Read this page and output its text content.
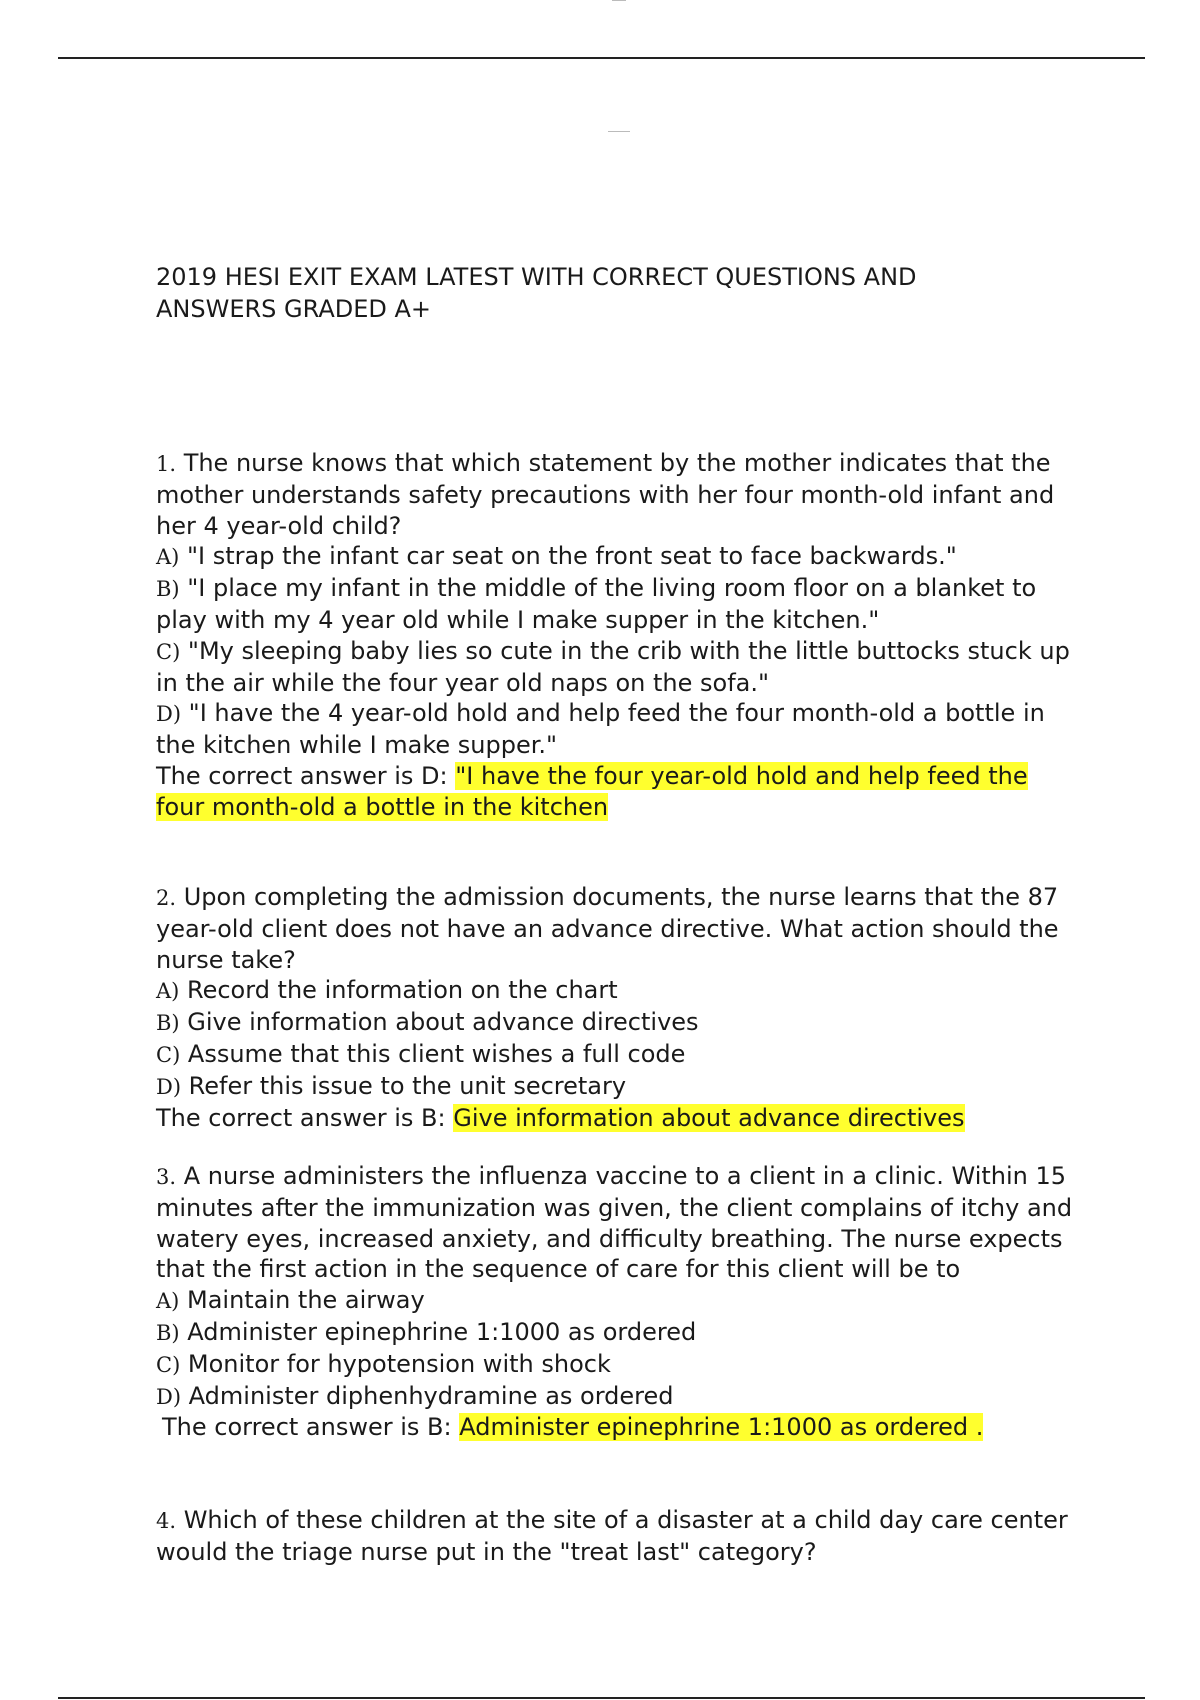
2019 HESI EXIT EXAM LATEST WITH CORRECT QUESTIONS AND ANSWERS GRADED A+

1. The nurse knows that which statement by the mother indicates that the mother understands safety precautions with her four month-old infant and her 4 year-old child?

A) "I strap the infant car seat on the front seat to face backwards."

B) "I place my infant in the middle of the living room floor on a blanket to play with my 4 year old while I make supper in the kitchen."

C) "My sleeping baby lies so cute in the crib with the little buttocks stuck up in the air while the four year old naps on the sofa."

D) "I have the 4 year-old hold and help feed the four month-old a bottle in the kitchen while I make supper."

The correct answer is D: "I have the four year-old hold and help feed the four month-old a bottle in the kitchen

2. Upon completing the admission documents, the nurse learns that the 87 year-old client does not have an advance directive. What action should the nurse take?

A) Record the information on the chart

B) Give information about advance directives

C) Assume that this client wishes a full code

D) Refer this issue to the unit secretary

The correct answer is B: Give information about advance directives

3. A nurse administers the influenza vaccine to a client in a clinic. Within 15 minutes after the immunization was given, the client complains of itchy and watery eyes, increased anxiety, and difficulty breathing. The nurse expects that the first action in the sequence of care for this client will be to

A) Maintain the airway

B) Administer epinephrine 1:1000 as ordered

C) Monitor for hypotension with shock

D) Administer diphenhydramine as ordered

The correct answer is B: Administer epinephrine 1:1000 as ordered .

4. Which of these children at the site of a disaster at a child day care center would the triage nurse put in the "treat last" category?
